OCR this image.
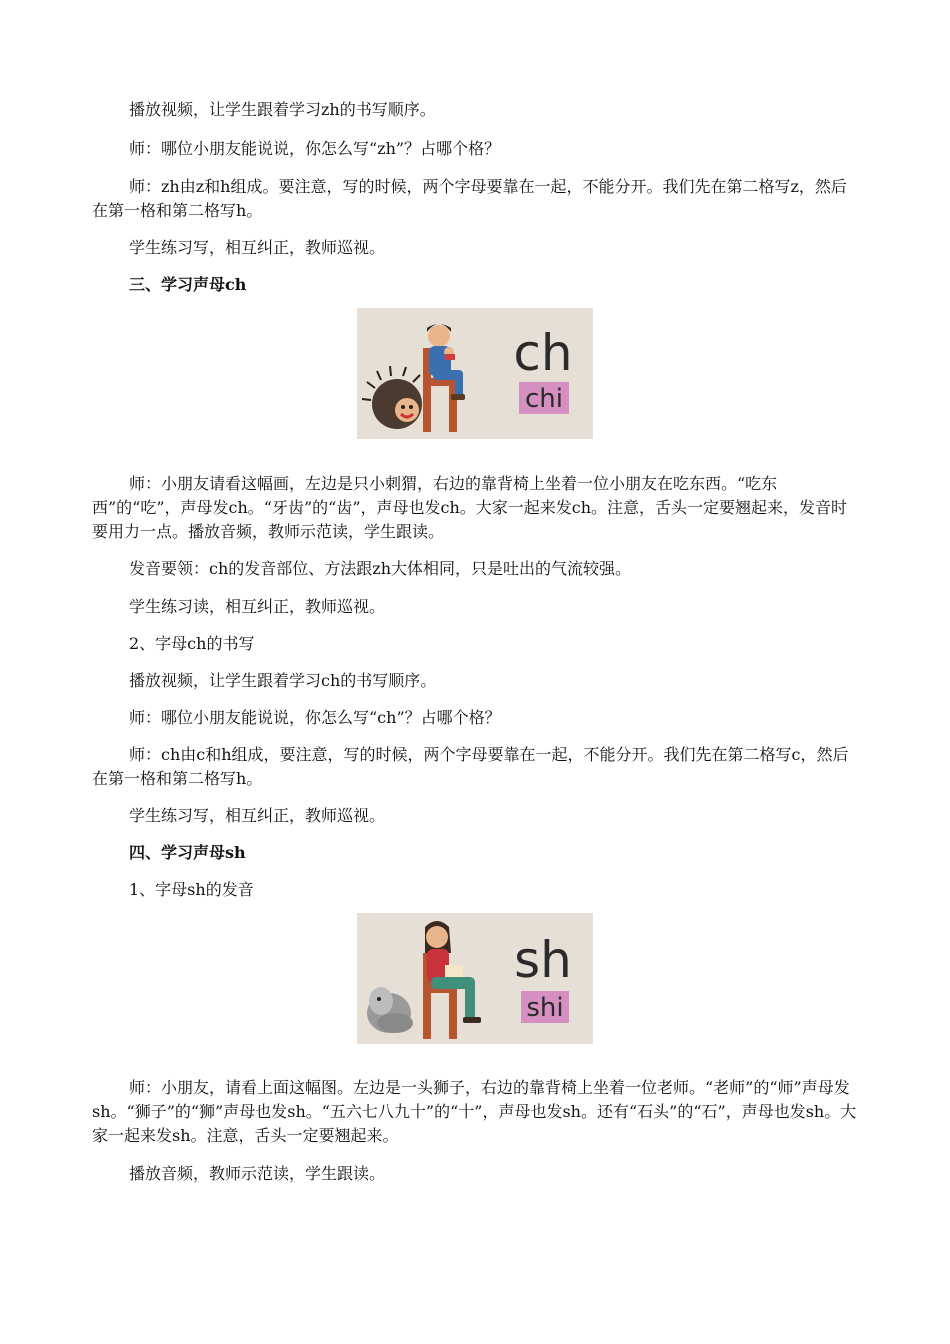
播放视频，让学生跟着学习zh的书写顺序。

师：哪位小朋友能说说，你怎么写“zh”？占哪个格？

师：zh由z和h组成。要注意，写的时候，两个字母要靠在一起，不能分开。我们先在第二格写z，然后在第一格和第二格写h。

学生练习写，相互纠正，教师巡视。

三、学习声母ch

ch
chi

师：小朋友请看这幅画，左边是只小刺猬，右边的靠背椅上坐着一位小朋友在吃东西。“吃东西”的“吃”，声母发ch。“牙齿”的“齿”，声母也发ch。大家一起来发ch。注意，舌头一定要翘起来，发音时要用力一点。播放音频，教师示范读，学生跟读。

发音要领：ch的发音部位、方法跟zh大体相同，只是吐出的气流较强。

学生练习读，相互纠正，教师巡视。

2、字母ch的书写

播放视频，让学生跟着学习ch的书写顺序。

师：哪位小朋友能说说，你怎么写“ch”？占哪个格？

师：ch由c和h组成，要注意，写的时候，两个字母要靠在一起，不能分开。我们先在第二格写c，然后在第一格和第二格写h。

学生练习写，相互纠正，教师巡视。

四、学习声母sh

1、字母sh的发音

sh
shi

师：小朋友，请看上面这幅图。左边是一头狮子，右边的靠背椅上坐着一位老师。“老师”的“师”声母发sh。“狮子”的“狮”声母也发sh。“五六七八九十”的“十”，声母也发sh。还有“石头”的“石”，声母也发sh。大家一起来发sh。注意，舌头一定要翘起来。

播放音频，教师示范读，学生跟读。
